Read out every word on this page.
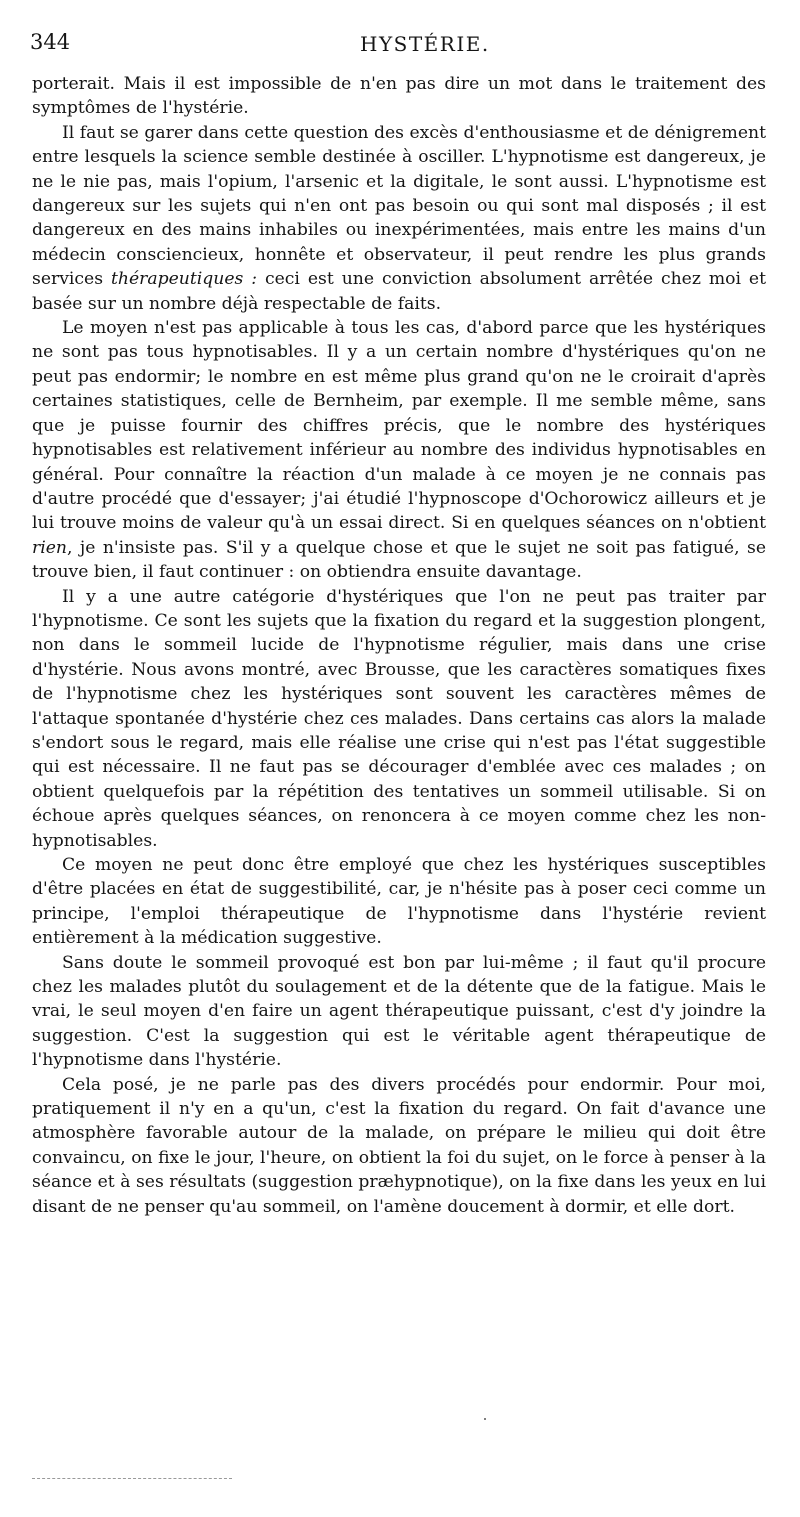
344	HYSTÉRIE.

porterait. Mais il est impossible de n'en pas dire un mot dans le traitement des symptômes de l'hystérie.

Il faut se garer dans cette question des excès d'enthousiasme et de dénigrement entre lesquels la science semble destinée à osciller. L'hypnotisme est dangereux, je ne le nie pas, mais l'opium, l'arsenic et la digitale, le sont aussi. L'hypnotisme est dangereux sur les sujets qui n'en ont pas besoin ou qui sont mal disposés ; il est dangereux en des mains inhabiles ou inexpérimentées, mais entre les mains d'un médecin consciencieux, honnête et observateur, il peut rendre les plus grands services thérapeutiques : ceci est une conviction absolument arrêtée chez moi et basée sur un nombre déjà respectable de faits.

Le moyen n'est pas applicable à tous les cas, d'abord parce que les hystériques ne sont pas tous hypnotisables. Il y a un certain nombre d'hystériques qu'on ne peut pas endormir; le nombre en est même plus grand qu'on ne le croirait d'après certaines statistiques, celle de Bernheim, par exemple. Il me semble même, sans que je puisse fournir des chiffres précis, que le nombre des hystériques hypnotisables est relativement inférieur au nombre des individus hypnotisables en général. Pour connaître la réaction d'un malade à ce moyen je ne connais pas d'autre procédé que d'essayer; j'ai étudié l'hypnoscope d'Ochorowicz ailleurs et je lui trouve moins de valeur qu'à un essai direct. Si en quelques séances on n'obtient rien, je n'insiste pas. S'il y a quelque chose et que le sujet ne soit pas fatigué, se trouve bien, il faut continuer : on obtiendra ensuite davantage.

Il y a une autre catégorie d'hystériques que l'on ne peut pas traiter par l'hypnotisme. Ce sont les sujets que la fixation du regard et la suggestion plongent, non dans le sommeil lucide de l'hypnotisme régulier, mais dans une crise d'hystérie. Nous avons montré, avec Brousse, que les caractères somatiques fixes de l'hypnotisme chez les hystériques sont souvent les caractères mêmes de l'attaque spontanée d'hystérie chez ces malades. Dans certains cas alors la malade s'endort sous le regard, mais elle réalise une crise qui n'est pas l'état suggestible qui est nécessaire. Il ne faut pas se décourager d'emblée avec ces malades ; on obtient quelquefois par la répétition des tentatives un sommeil utilisable. Si on échoue après quelques séances, on renoncera à ce moyen comme chez les non-hypnotisables.

Ce moyen ne peut donc être employé que chez les hystériques susceptibles d'être placées en état de suggestibilité, car, je n'hésite pas à poser ceci comme un principe, l'emploi thérapeutique de l'hypnotisme dans l'hystérie revient entièrement à la médication suggestive.

Sans doute le sommeil provoqué est bon par lui-même ; il faut qu'il procure chez les malades plutôt du soulagement et de la détente que de la fatigue. Mais le vrai, le seul moyen d'en faire un agent thérapeutique puissant, c'est d'y joindre la suggestion. C'est la suggestion qui est le véritable agent thérapeutique de l'hypnotisme dans l'hystérie.

Cela posé, je ne parle pas des divers procédés pour endormir. Pour moi, pratiquement il n'y en a qu'un, c'est la fixation du regard. On fait d'avance une atmosphère favorable autour de la malade, on prépare le milieu qui doit être convaincu, on fixe le jour, l'heure, on obtient la foi du sujet, on le force à penser à la séance et à ses résultats (suggestion præhypnotique), on la fixe dans les yeux en lui disant de ne penser qu'au sommeil, on l'amène doucement à dormir, et elle dort.
